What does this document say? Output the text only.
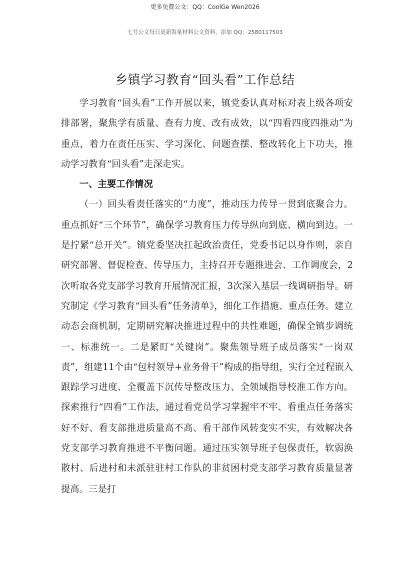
更多免費公文：QQ：CoolGe Wen2026
七号公文每日更新海量材料公文资料，添加 QQ：2580117503
乡镇学习教育“回头看”工作总结

学习教育“回头看”工作开展以来，镇党委认真对标对表上级各项安排部署，聚焦学有质量、查有力度、改有成效，以“四看四度四推动”为重点，着力在责任压实、学习深化、问题查摆、整改转化上下功夫，推动学习教育“回头看”走深走实。

一、主要工作情况

（一）回头看责任落实的“力度”，推动压力传导一贯到底聚合力。重点抓好“三个环节”，确保学习教育压力传导纵向到底、横向到边。一是拧紧“总开关”。镇党委坚决扛起政治责任，党委书记以身作则，亲自研究部署、督促检查、传导压力，主持召开专题推进会、工作调度会，2次听取各党支部学习教育开展情况汇报，3次深入基层一线调研指导。研究制定《学习教育“回头看”任务清单》，细化工作措施、重点任务。建立动态会商机制，定期研究解决推进过程中的共性难题，确保全镇步调统一、标准统一。二是紧盯“关键岗”。聚焦领导班子成员落实“一岗双责”，组建11个由“包村领导+业务骨干”构成的指导组，实行全过程嵌入跟踪学习进度、全覆盖下沉传导整改压力、全领域指导校准工作方向。探索推行“四看”工作法，通过看党员学习掌握牢不牢、看重点任务落实好不好、看支部推进质量高不高、看干部作风转变实不实，有效解决各党支部学习教育推进不平衡问题。通过压实领导班子包保责任，软弱涣散村、后进村和未派驻驻村工作队的非贫困村党支部学习教育质量显著提高。三是打
